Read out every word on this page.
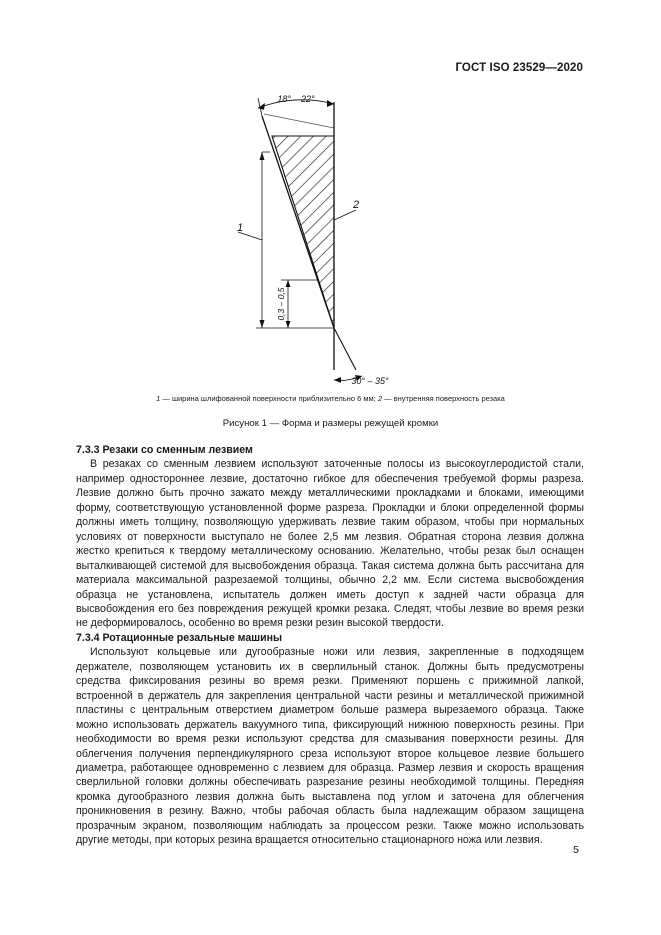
ГОСТ ISO 23529—2020
18° – 22°
1
0,3 – 0,5
2
30° – 35°
1 — ширина шлифованной поверхности приблизительно 6 мм; 2 — внутренняя поверхность резака
Рисунок 1 — Форма и размеры режущей кромки
7.3.3 Резаки со сменным лезвием

В резаках со сменным лезвием используют заточенные полосы из высокоуглеродистой стали, например одностороннее лезвие, достаточно гибкое для обеспечения требуемой формы разреза. Лезвие должно быть прочно зажато между металлическими прокладками и блоками, имеющими форму, соответствующую установленной форме разреза. Прокладки и блоки определенной формы должны иметь толщину, позволяющую удерживать лезвие таким образом, чтобы при нормальных условиях от поверхности выступало не более 2,5 мм лезвия. Обратная сторона лезвия должна жестко крепиться к твердому металлическому основанию. Желательно, чтобы резак был оснащен выталкивающей системой для высвобождения образца. Такая система должна быть рассчитана для материала максимальной разрезаемой толщины, обычно 2,2 мм. Если система высвобождения образца не установлена, испытатель должен иметь доступ к задней части образца для высвобождения его без повреждения режущей кромки резака. Следят, чтобы лезвие во время резки не деформировалось, особенно во время резки резин высокой твердости.

7.3.4 Ротационные резальные машины

Используют кольцевые или дугообразные ножи или лезвия, закрепленные в подходящем держателе, позволяющем установить их в сверлильный станок. Должны быть предусмотрены средства фиксирования резины во время резки. Применяют поршень с прижимной лапкой, встроенной в держатель для закрепления центральной части резины и металлической прижимной пластины с центральным отверстием диаметром больше размера вырезаемого образца. Также можно использовать держатель вакуумного типа, фиксирующий нижнюю поверхность резины. При необходимости во время резки используют средства для смазывания поверхности резины. Для облегчения получения перпендикулярного среза используют второе кольцевое лезвие большего диаметра, работающее одновременно с лезвием для образца. Размер лезвия и скорость вращения сверлильной головки должны обеспечивать разрезание резины необходимой толщины. Передняя кромка дугообразного лезвия должна быть выставлена под углом и заточена для облегчения проникновения в резину. Важно, чтобы рабочая область была надлежащим образом защищена прозрачным экраном, позволяющим наблюдать за процессом резки. Также можно использовать другие методы, при которых резина вращается относительно стационарного ножа или лезвия.

5
